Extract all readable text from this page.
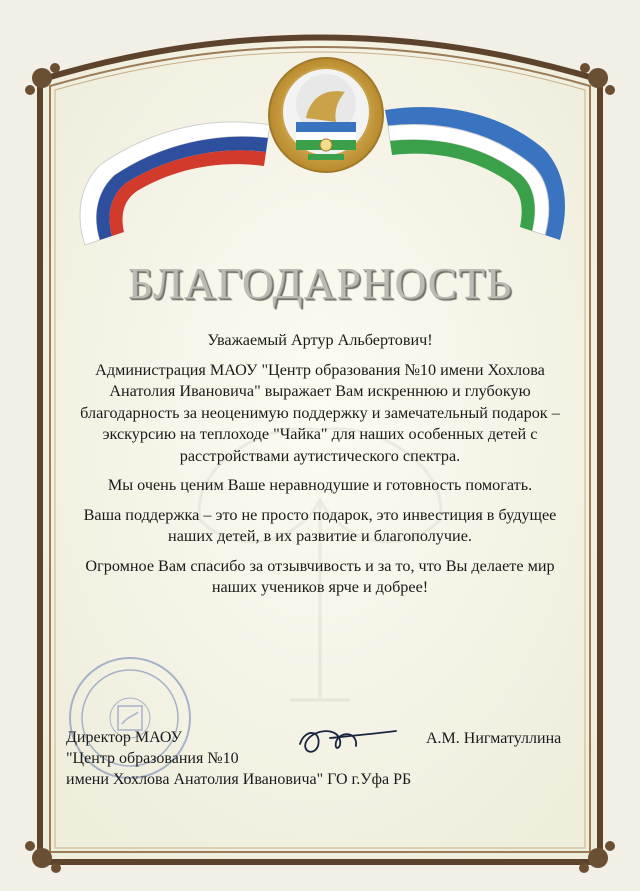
БЛАГОДАРНОСТЬ

Уважаемый Артур Альбертович!

Администрация МАОУ "Центр образования №10 имени Хохлова Анатолия Ивановича" выражает Вам искреннюю и глубокую благодарность за неоценимую поддержку и замечательный подарок – экскурсию на теплоходе "Чайка" для наших особенных детей с расстройствами аутистического спектра.

Мы очень ценим Ваше неравнодушие и готовность помогать.

Ваша поддержка – это не просто подарок, это инвестиция в будущее наших детей, в их развитие и благополучие.

Огромное Вам спасибо за отзывчивость и за то, что Вы делаете мир наших учеников ярче и добрее!

Директор МАОУ
"Центр образования №10
имени Хохлова Анатолия Ивановича" ГО г.Уфа РБ
А.М. Нигматуллина
